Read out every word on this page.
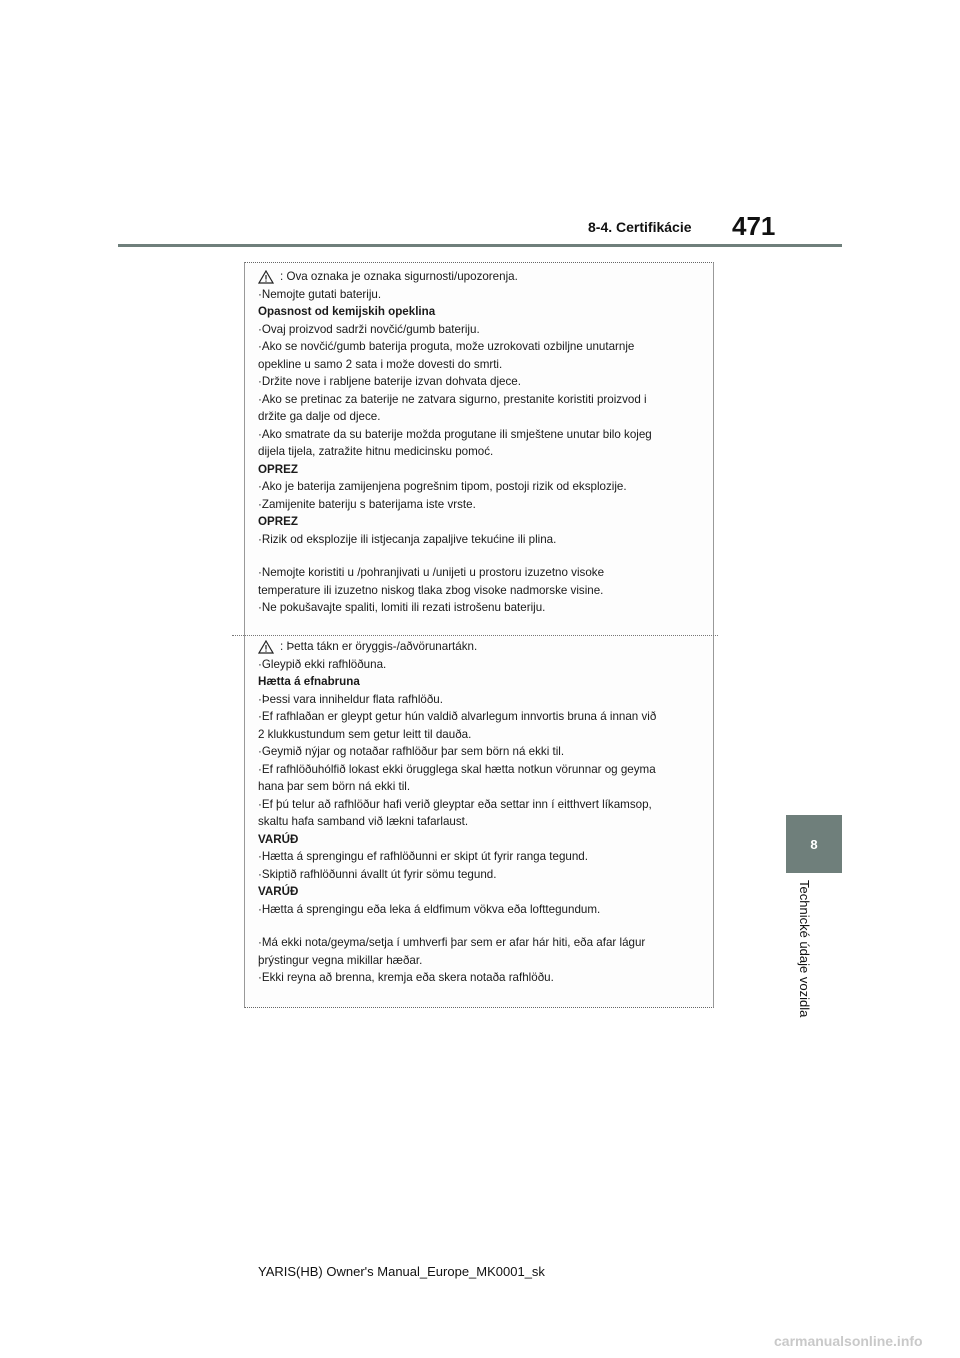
8-4. Certifikácie 471
8
Technické údaje vozidla
: Ova oznaka je oznaka sigurnosti/upozorenja.
·Nemojte gutati bateriju.
Opasnost od kemijskih opeklina
·Ovaj proizvod sadrži novčić/gumb bateriju.
·Ako se novčić/gumb baterija proguta, može uzrokovati ozbiljne unutarnje
opekline u samo 2 sata i može dovesti do smrti.
·Držite nove i rabljene baterije izvan dohvata djece.
·Ako se pretinac za baterije ne zatvara sigurno, prestanite koristiti proizvod i
držite ga dalje od djece.
·Ako smatrate da su baterije možda progutane ili smještene unutar bilo kojeg
dijela tijela, zatražite hitnu medicinsku pomoć.
OPREZ
·Ako je baterija zamijenjena pogrešnim tipom, postoji rizik od eksplozije.
·Zamijenite bateriju s baterijama iste vrste.
OPREZ
·Rizik od eksplozije ili istjecanja zapaljive tekućine ili plina.
·Nemojte koristiti u /pohranjivati u /unijeti u prostoru izuzetno visoke
temperature ili izuzetno niskog tlaka zbog visoke nadmorske visine.
·Ne pokušavajte spaliti, lomiti ili rezati istrošenu bateriju.
: Þetta tákn er öryggis-/aðvörunartákn.
·Gleypið ekki rafhlöðuna.
Hætta á efnabruna
·Þessi vara inniheldur flata rafhlöðu.
·Ef rafhlaðan er gleypt getur hún valdið alvarlegum innvortis bruna á innan við
2 klukkustundum sem getur leitt til dauða.
·Geymið nýjar og notaðar rafhlöður þar sem börn ná ekki til.
·Ef rafhlöðuhólfið lokast ekki örugglega skal hætta notkun vörunnar og geyma
hana þar sem börn ná ekki til.
·Ef þú telur að rafhlöður hafi verið gleyptar eða settar inn í eitthvert líkamsop,
skaltu hafa samband við lækni tafarlaust.
VARÚÐ
·Hætta á sprengingu ef rafhlöðunni er skipt út fyrir ranga tegund.
·Skiptið rafhlöðunni ávallt út fyrir sömu tegund.
VARÚÐ
·Hætta á sprengingu eða leka á eldfimum vökva eða lofttegundum.
·Má ekki nota/geyma/setja í umhverfi þar sem er afar hár hiti, eða afar lágur
þrýstingur vegna mikillar hæðar.
·Ekki reyna að brenna, kremja eða skera notaða rafhlöðu.
YARIS(HB) Owner's Manual_Europe_MK0001_sk
carmanualsonline.info
